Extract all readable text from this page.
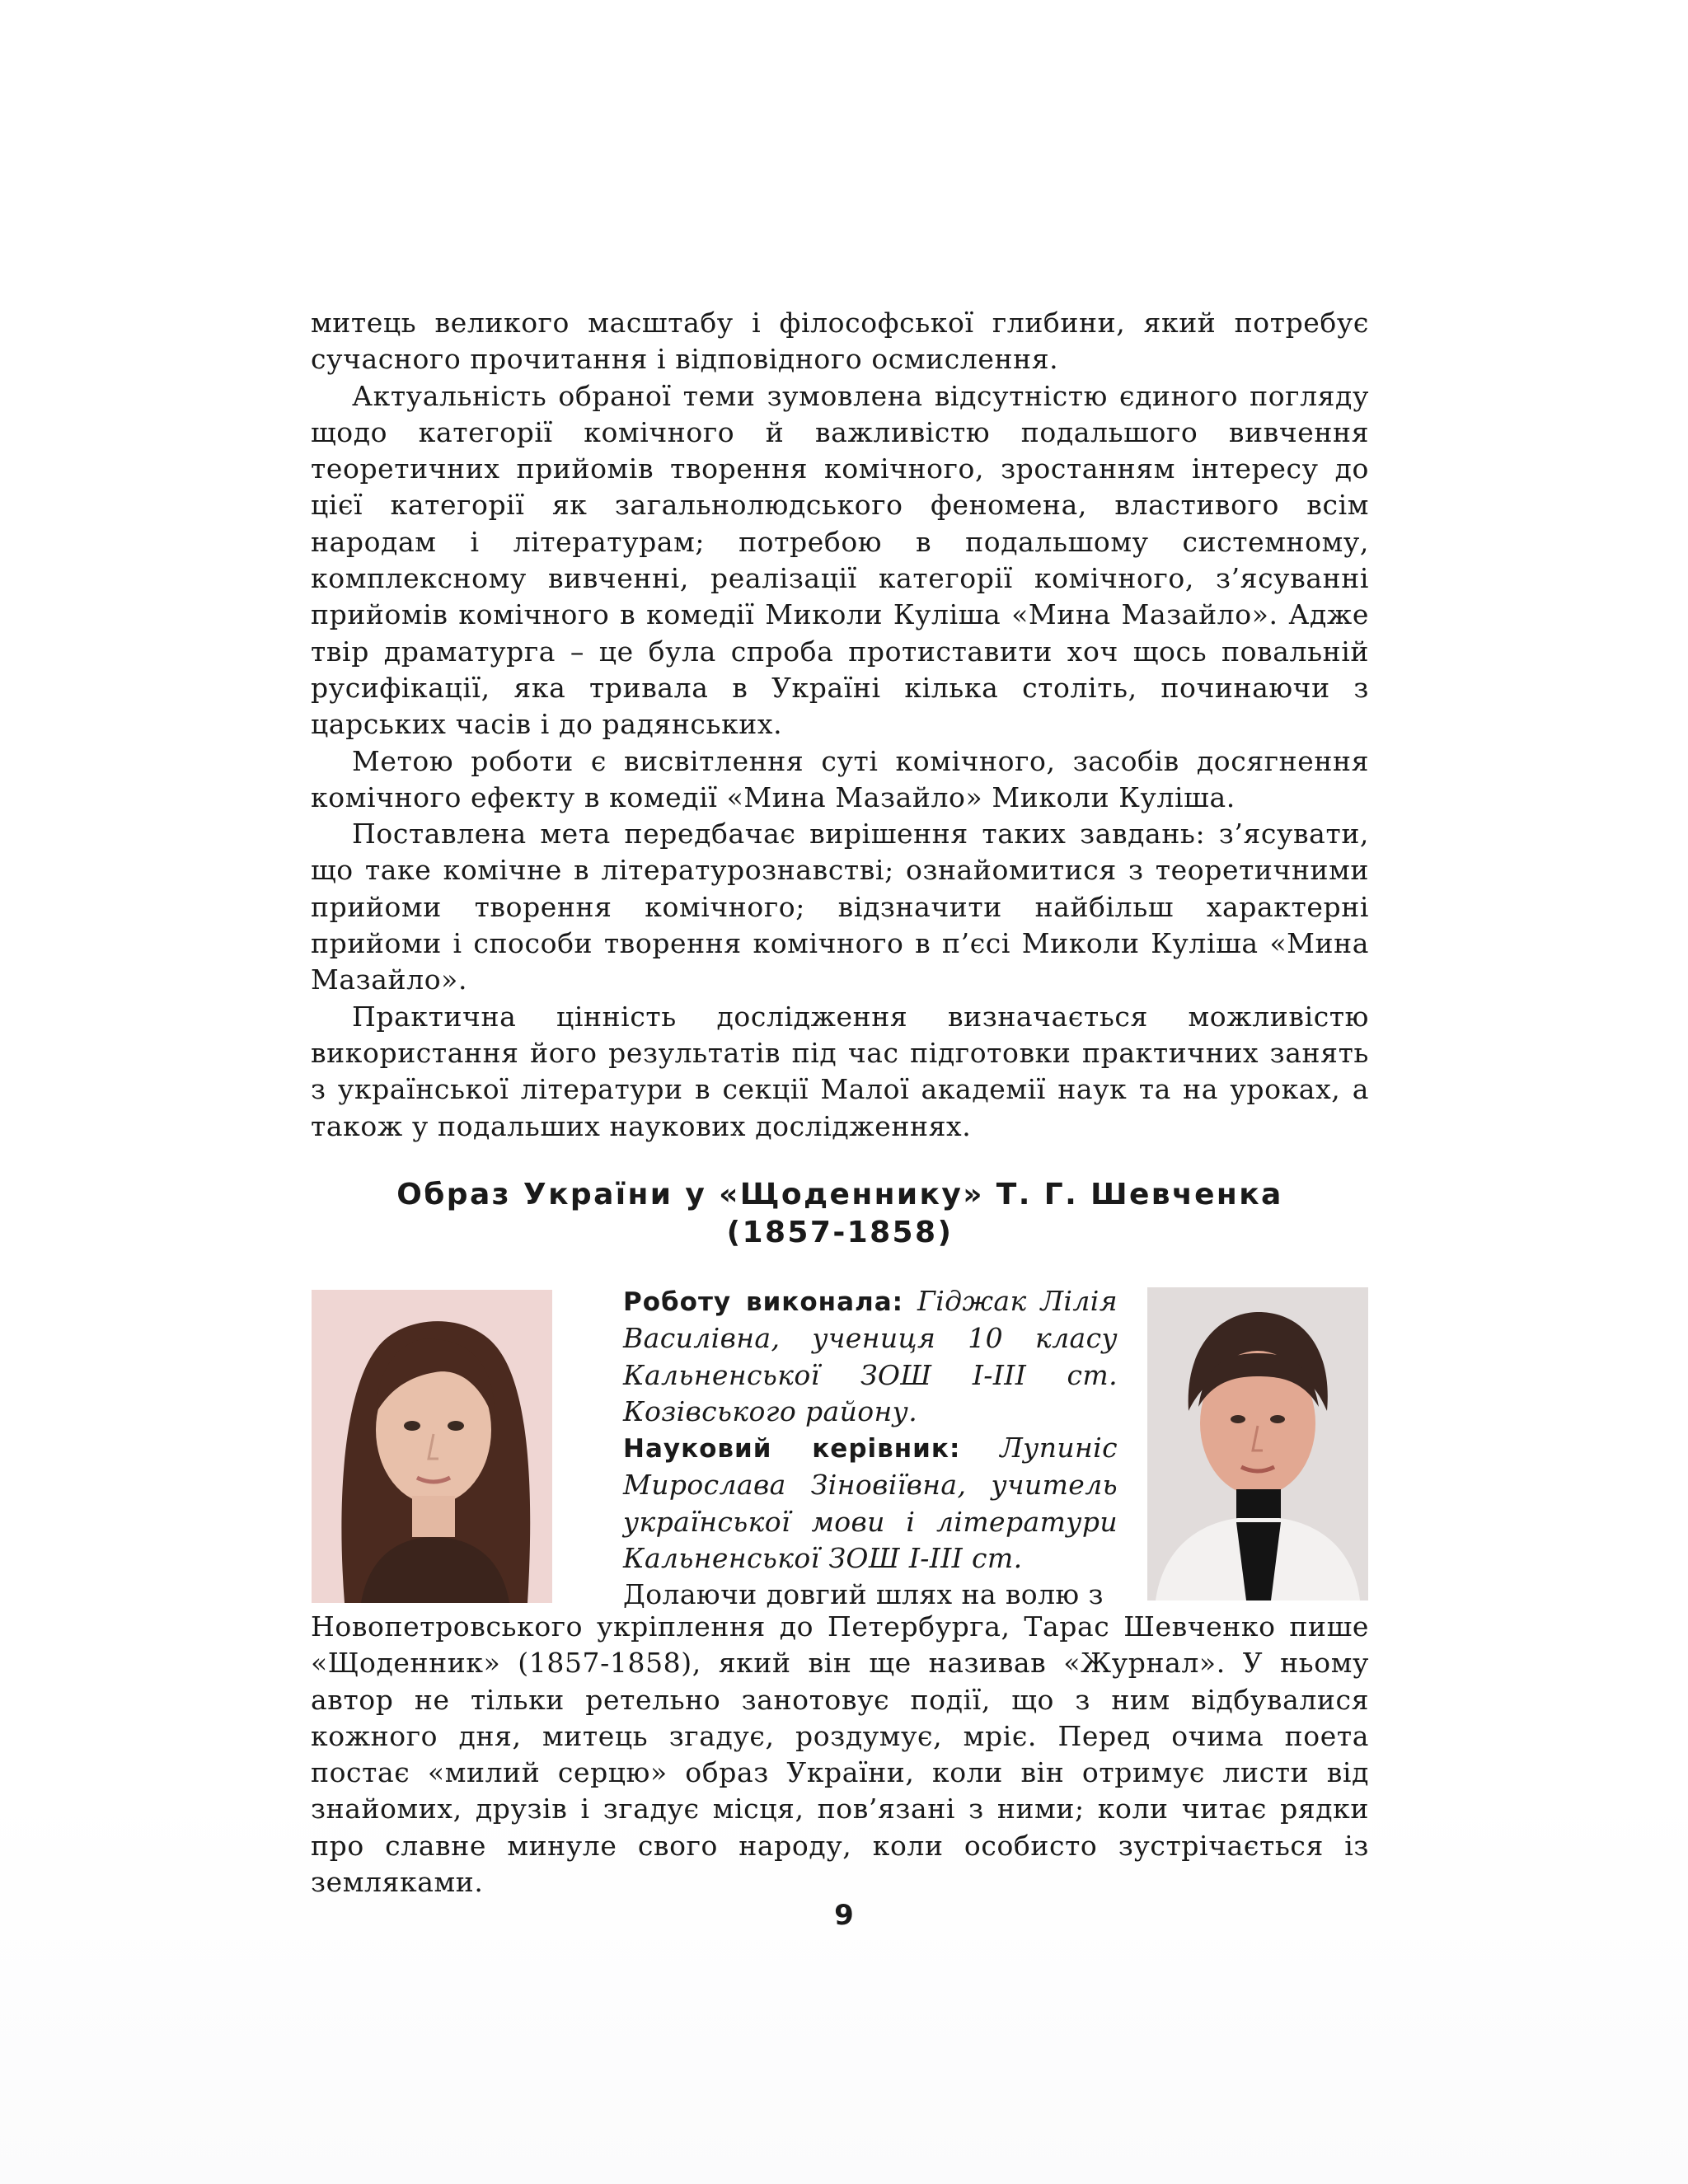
митець великого масштабу і філософської глибини, який потребує

сучасного прочитання і відповідного осмислення.

Актуальність обраної теми зумовлена відсутністю єдиного погляду щодо категорії комічного й важливістю подальшого вивчення теоретичних прийомів творення комічного, зростанням інтересу до цієї категорії як загальнолюдського феномена, властивого всім народам і літературам; потребою в подальшому системному, комплексному вивченні, реалізації категорії комічного, з’ясуванні прийомів комічного в комедії Миколи Куліша «Мина Мазайло». Адже твір драматурга – це була спроба протиставити хоч щось повальній русифікації, яка тривала в Україні кілька століть, починаючи з царських часів і до радянських.

Метою роботи є висвітлення суті комічного, засобів досягнення комічного ефекту в комедії «Мина Мазайло» Миколи Куліша.

Поставлена мета передбачає вирішення таких завдань: з’ясувати, що таке комічне в літературознавстві; ознайомитися з теоретичними прийоми творення комічного; відзначити найбільш характерні прийоми і способи творення комічного в п’єсі Миколи Куліша «Мина Мазайло».

Практична цінність дослідження визначається можливістю використання його результатів під час підготовки практичних занять з української літератури в секції Малої академії наук та на уроках, а також у подальших наукових дослідженнях.

Образ України у «Щоденнику» Т. Г. Шевченка
(1857-1858)

Роботу виконала: Гіджак Лілія Василівна, учениця 10 класу Кальненської ЗОШ І-ІІІ ст. Козівського району.

Науковий керівник: Лупиніс Мирослава Зіновіївна, учитель української мови і літератури Кальненської ЗОШ І-ІІІ ст.

Долаючи довгий шлях на волю з

Новопетровського укріплення до Петербурга, Тарас Шевченко пише «Щоденник» (1857-1858), який він ще називав «Журнал». У ньому автор не тільки ретельно занотовує події, що з ним відбувалися кожного дня, митець згадує, роздумує, мріє. Перед очима поета постає «милий серцю» образ України, коли він отримує листи від знайомих, друзів і згадує місця, пов’язані з ними; коли читає рядки про славне минуле свого народу, коли особисто зустрічається із земляками.

9
